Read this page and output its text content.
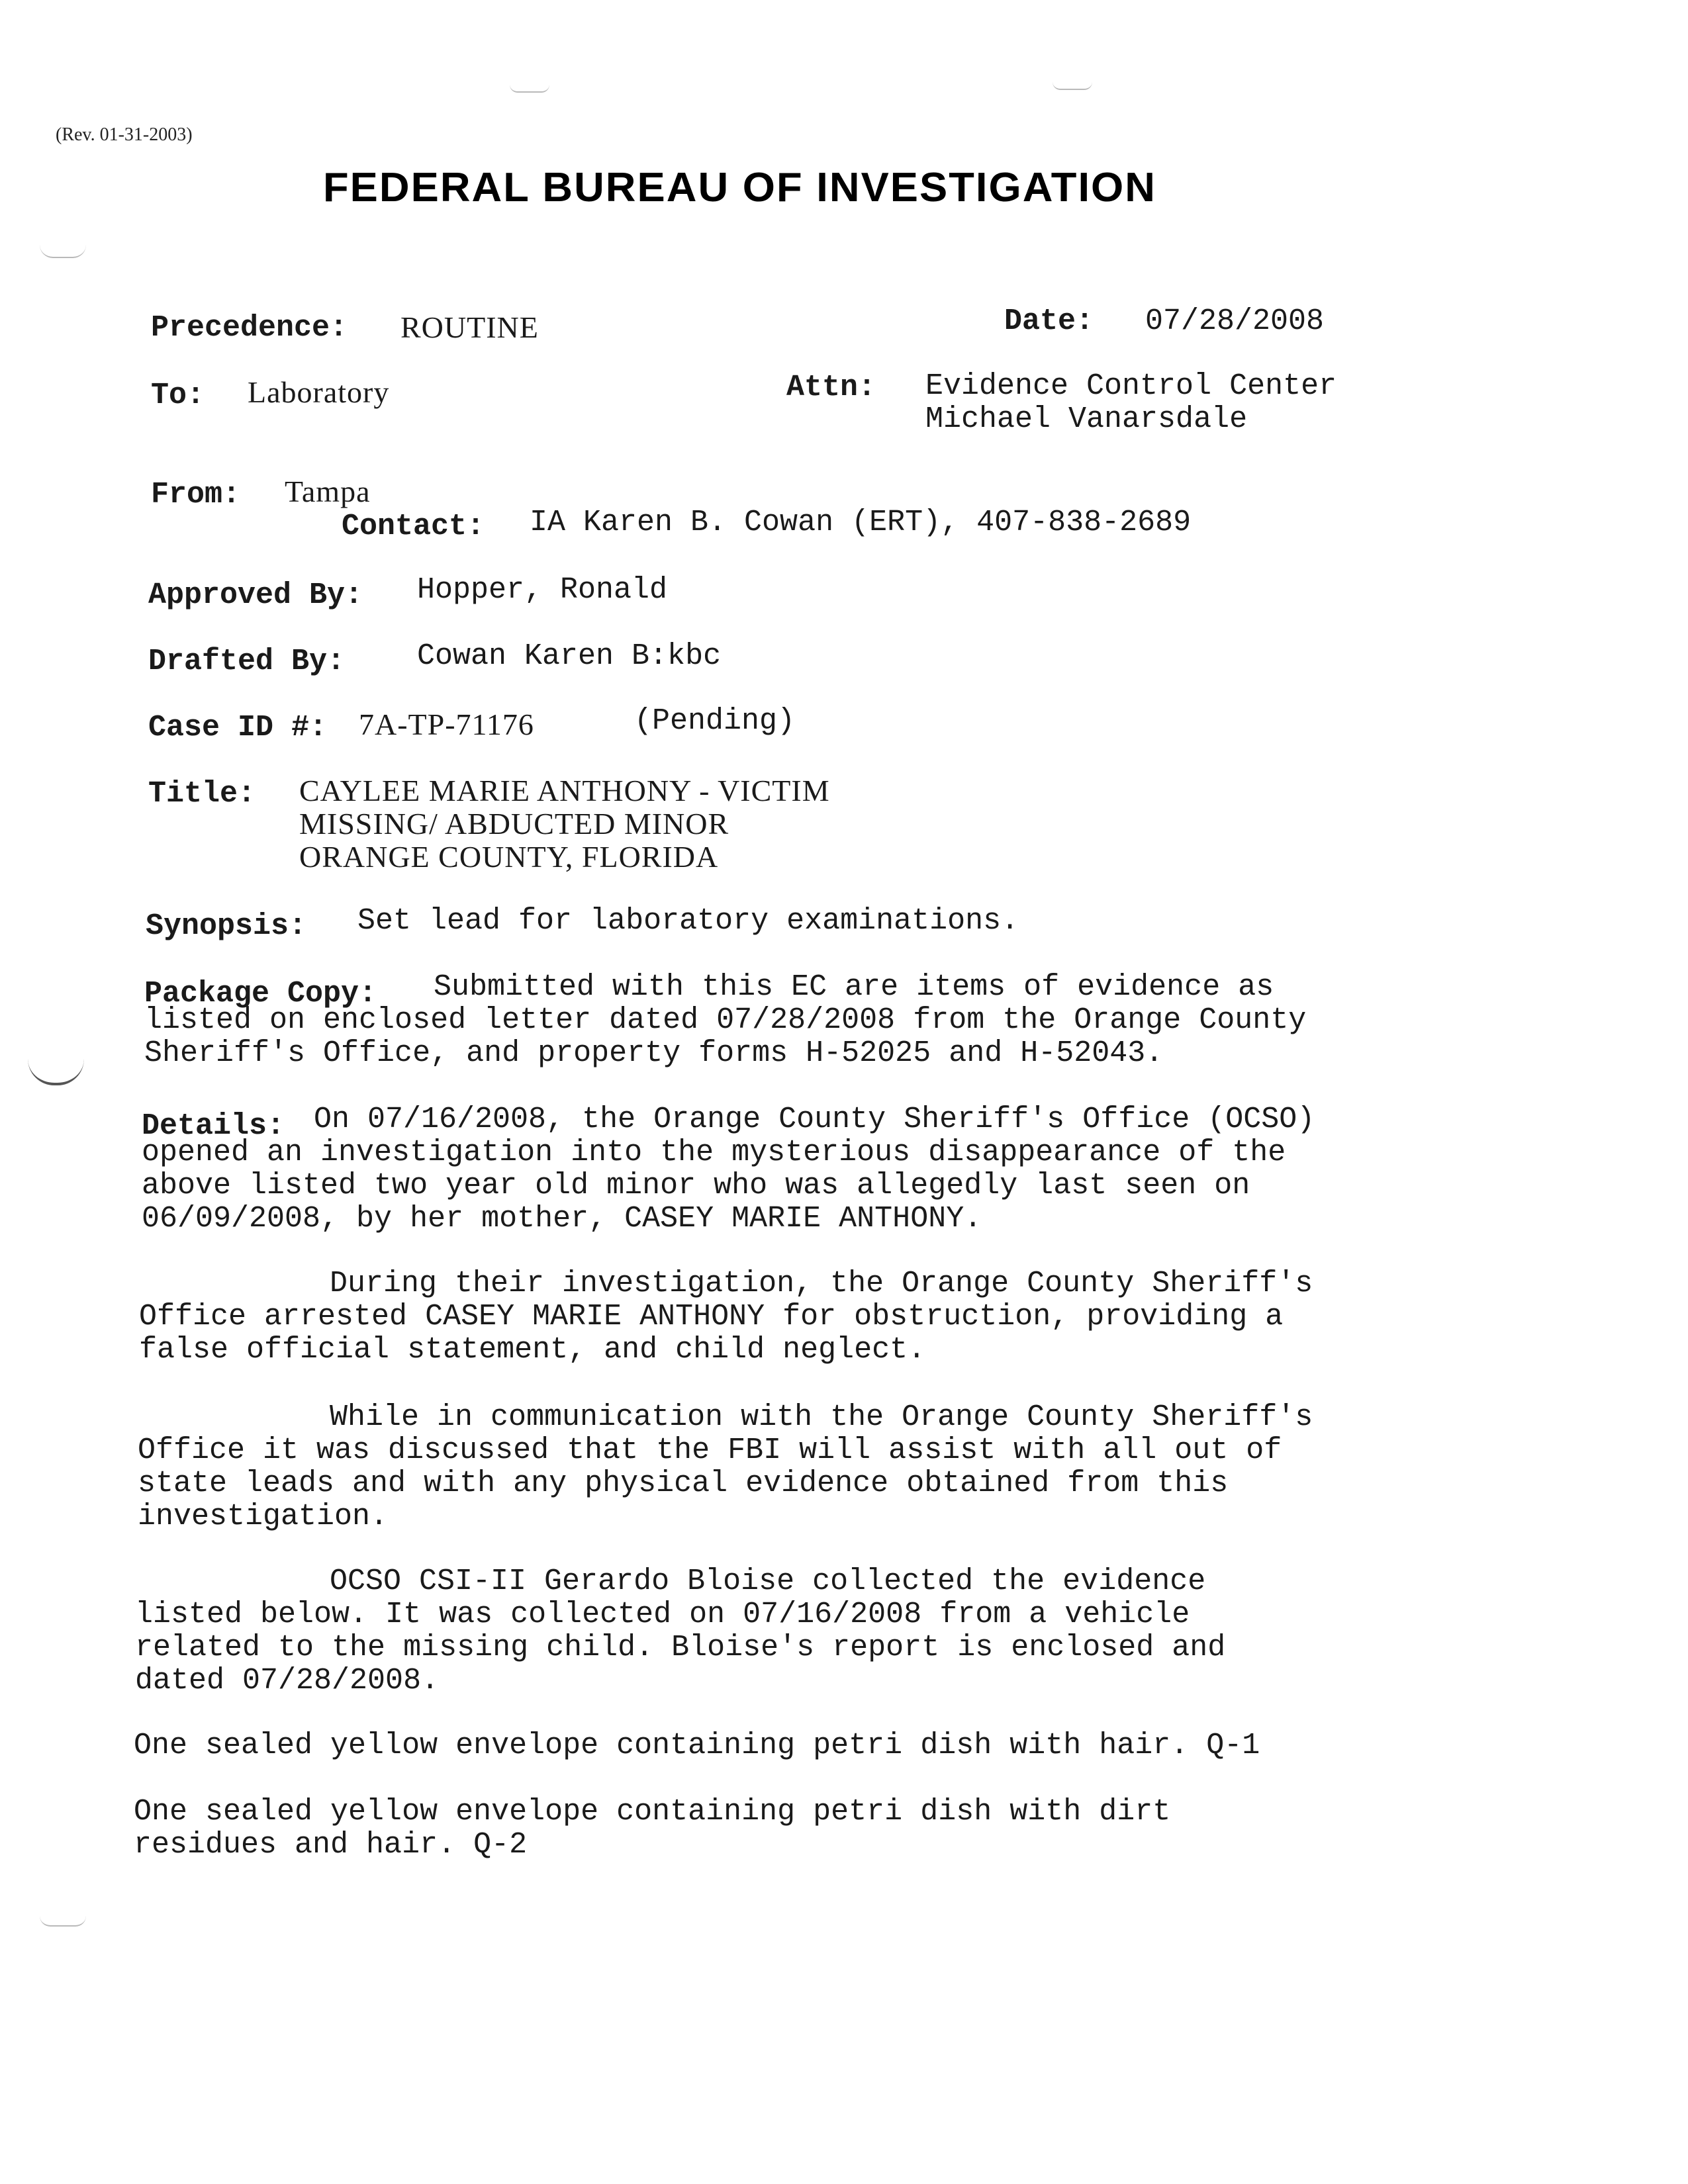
(Rev. 01-31-2003)
FEDERAL BUREAU OF INVESTIGATION
Precedence: ROUTINE	Date: 07/28/2008
To: Laboratory	Attn: Evidence Control Center
Michael Vanarsdale
From: Tampa
Contact: IA Karen B. Cowan (ERT), 407-838-2689
Approved By: Hopper, Ronald
Drafted By: Cowan Karen B:kbc
Case ID #: 7A-TP-71176	(Pending)
Title: CAYLEE MARIE ANTHONY - VICTIM
MISSING/ ABDUCTED MINOR
ORANGE COUNTY, FLORIDA
Synopsis: Set lead for laboratory examinations.
Package Copy: Submitted with this EC are items of evidence as
listed on enclosed letter dated 07/28/2008 from the Orange County
Sheriff's Office, and property forms H-52025 and H-52043.
Details: On 07/16/2008, the Orange County Sheriff's Office (OCSO)
opened an investigation into the mysterious disappearance of the
above listed two year old minor who was allegedly last seen on
06/09/2008, by her mother, CASEY MARIE ANTHONY.
During their investigation, the Orange County Sheriff's
Office arrested CASEY MARIE ANTHONY for obstruction, providing a
false official statement, and child neglect.
While in communication with the Orange County Sheriff's
Office it was discussed that the FBI will assist with all out of
state leads and with any physical evidence obtained from this
investigation.
OCSO CSI-II Gerardo Bloise collected the evidence
listed below. It was collected on 07/16/2008 from a vehicle
related to the missing child. Bloise's report is enclosed and
dated 07/28/2008.
One sealed yellow envelope containing petri dish with hair. Q-1
One sealed yellow envelope containing petri dish with dirt
residues and hair. Q-2
